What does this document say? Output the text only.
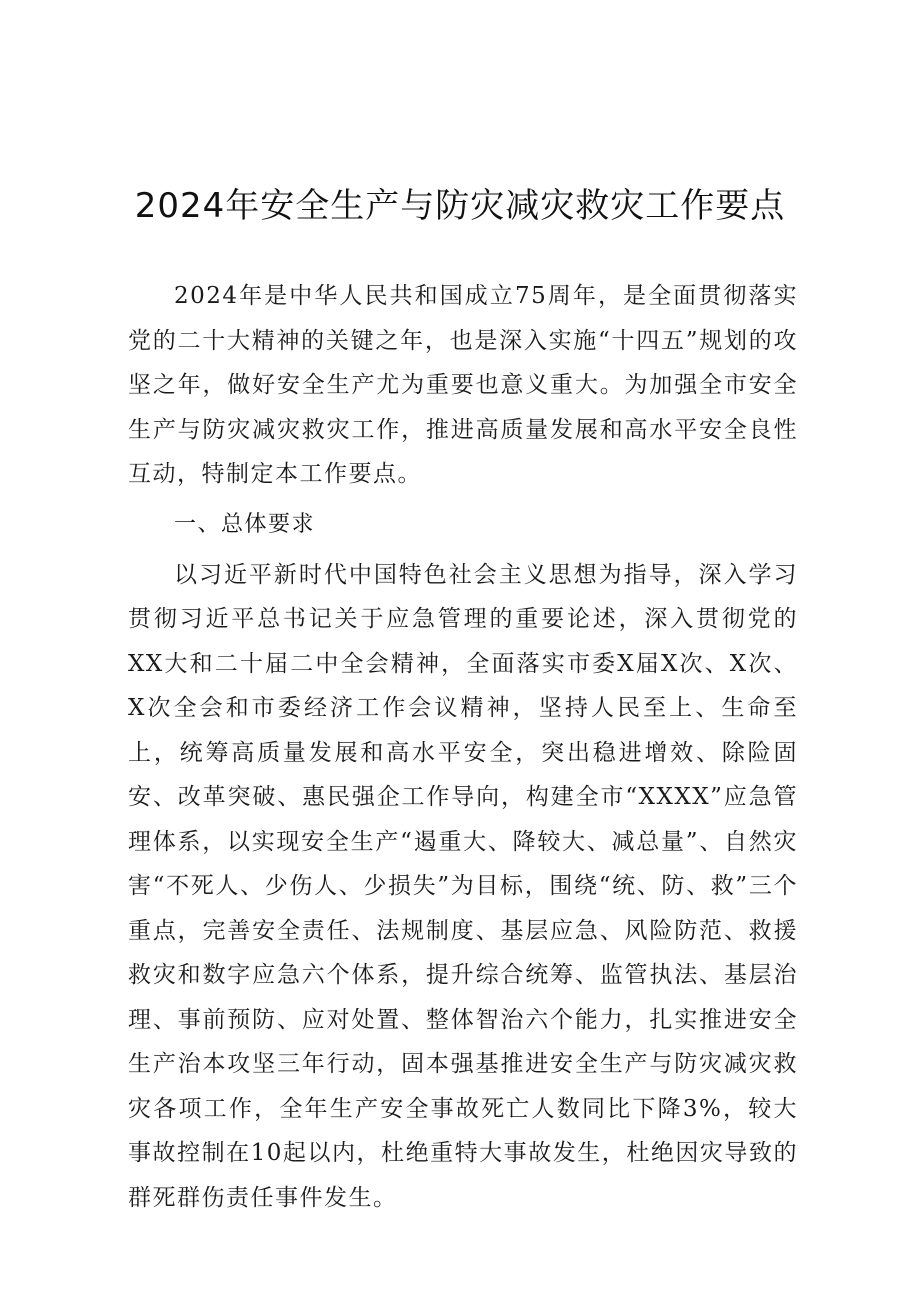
2024年安全生产与防灾减灾救灾工作要点

2024年是中华人民共和国成立75周年，是全面贯彻落实党的二十大精神的关键之年，也是深入实施“十四五”规划的攻坚之年，做好安全生产尤为重要也意义重大。为加强全市安全生产与防灾减灾救灾工作，推进高质量发展和高水平安全良性互动，特制定本工作要点。

一、总体要求

以习近平新时代中国特色社会主义思想为指导，深入学习贯彻习近平总书记关于应急管理的重要论述，深入贯彻党的XX大和二十届二中全会精神，全面落实市委X届X次、X次、X次全会和市委经济工作会议精神，坚持人民至上、生命至上，统筹高质量发展和高水平安全，突出稳进增效、除险固安、改革突破、惠民强企工作导向，构建全市“XXXX”应急管理体系，以实现安全生产“遏重大、降较大、减总量”、自然灾害“不死人、少伤人、少损失”为目标，围绕“统、防、救”三个重点，完善安全责任、法规制度、基层应急、风险防范、救援救灾和数字应急六个体系，提升综合统筹、监管执法、基层治理、事前预防、应对处置、整体智治六个能力，扎实推进安全生产治本攻坚三年行动，固本强基推进安全生产与防灾减灾救灾各项工作，全年生产安全事故死亡人数同比下降3%，较大事故控制在10起以内，杜绝重特大事故发生，杜绝因灾导致的群死群伤责任事件发生。
